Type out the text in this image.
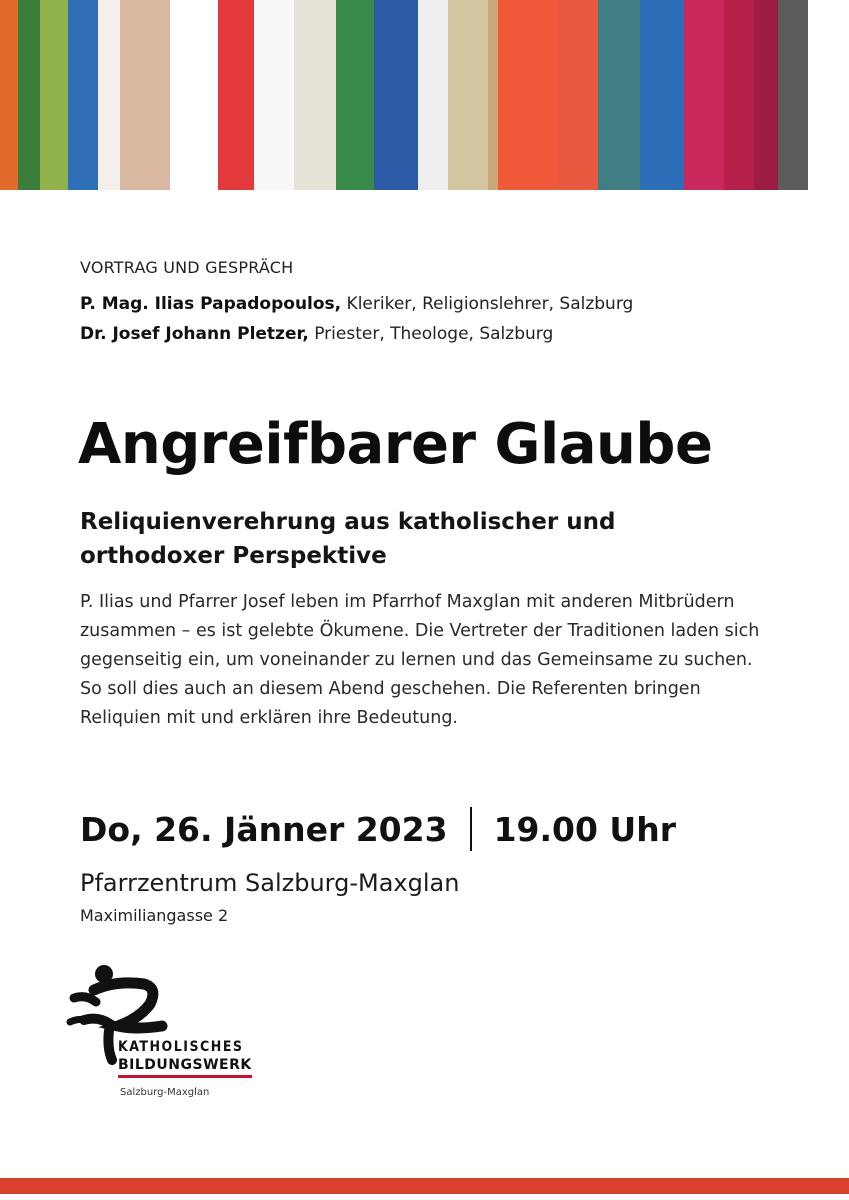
VORTRAG UND GESPRÄCH
P. Mag. Ilias Papadopoulos, Kleriker, Religionslehrer, Salzburg
Dr. Josef Johann Pletzer, Priester, Theologe, Salzburg
Angreifbarer Glaube
Reliquienverehrung aus katholischer und orthodoxer Perspektive

P. Ilias und Pfarrer Josef leben im Pfarrhof Maxglan mit anderen Mitbrüdern zusammen – es ist gelebte Ökumene. Die Vertreter der Traditionen laden sich gegenseitig ein, um voneinander zu lernen und das Gemeinsame zu suchen. So soll dies auch an diesem Abend geschehen. Die Referenten bringen Reliquien mit und erklären ihre Bedeutung.

Do, 26. Jänner 2023 19.00 Uhr
Pfarrzentrum Salzburg-Maxglan
Maximiliangasse 2
KATHOLISCHES
BILDUNGSWERK
Salzburg-Maxglan
